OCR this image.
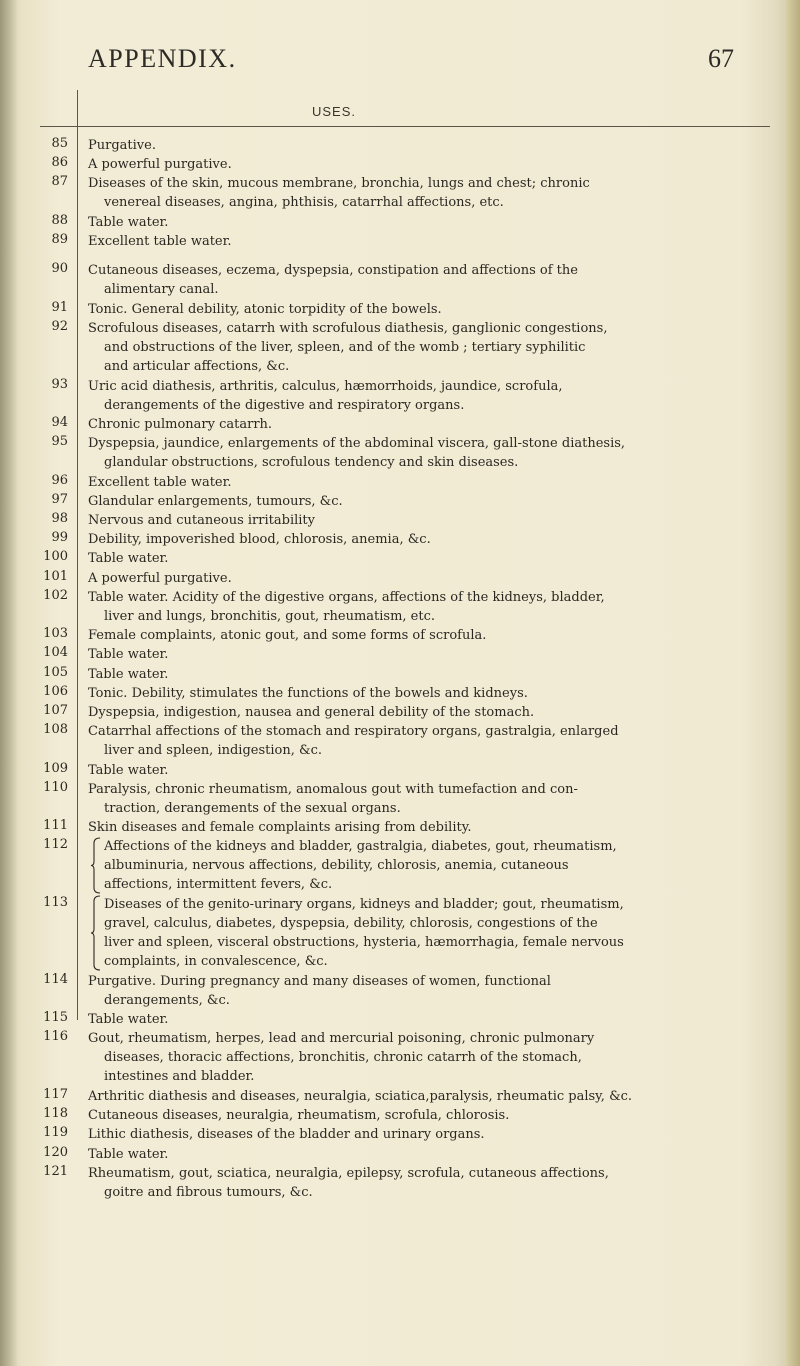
APPENDIX.	67
USES.
85 Purgative.
86 A powerful purgative.
87 Diseases of the skin, mucous membrane, bronchia, lungs and chest; chronic
venereal diseases, angina, phthisis, catarrhal affections, etc.
88 Table water.
89 Excellent table water.
90 Cutaneous diseases, eczema, dyspepsia, constipation and affections of the
alimentary canal.
91 Tonic. General debility, atonic torpidity of the bowels.
92 Scrofulous diseases, catarrh with scrofulous diathesis, ganglionic congestions,
and obstructions of the liver, spleen, and of the womb ; tertiary syphilitic
and articular affections, &c.
93 Uric acid diathesis, arthritis, calculus, hæmorrhoids, jaundice, scrofula,
derangements of the digestive and respiratory organs.
94 Chronic pulmonary catarrh.
95 Dyspepsia, jaundice, enlargements of the abdominal viscera, gall-stone diathesis,
glandular obstructions, scrofulous tendency and skin diseases.
96 Excellent table water.
97 Glandular enlargements, tumours, &c.
98 Nervous and cutaneous irritability
99 Debility, impoverished blood, chlorosis, anemia, &c.
100 Table water.
101 A powerful purgative.
102 Table water. Acidity of the digestive organs, affections of the kidneys, bladder,
liver and lungs, bronchitis, gout, rheumatism, etc.
103 Female complaints, atonic gout, and some forms of scrofula.
104 Table water.
105 Table water.
106 Tonic. Debility, stimulates the functions of the bowels and kidneys.
107 Dyspepsia, indigestion, nausea and general debility of the stomach.
108 Catarrhal affections of the stomach and respiratory organs, gastralgia, enlarged
liver and spleen, indigestion, &c.
109 Table water.
110 Paralysis, chronic rheumatism, anomalous gout with tumefaction and con-
traction, derangements of the sexual organs.
111 Skin diseases and female complaints arising from debility.
112	Affections of the kidneys and bladder, gastralgia, diabetes, gout, rheumatism,
albuminuria, nervous affections, debility, chlorosis, anemia, cutaneous
affections, intermittent fevers, &c.
113	Diseases of the genito-urinary organs, kidneys and bladder; gout, rheumatism,
gravel, calculus, diabetes, dyspepsia, debility, chlorosis, congestions of the
liver and spleen, visceral obstructions, hysteria, hæmorrhagia, female nervous
complaints, in convalescence, &c.
114 Purgative. During pregnancy and many diseases of women, functional
derangements, &c.
115 Table water.
116 Gout, rheumatism, herpes, lead and mercurial poisoning, chronic pulmonary
diseases, thoracic affections, bronchitis, chronic catarrh of the stomach,
intestines and bladder.
117 Arthritic diathesis and diseases, neuralgia, sciatica,paralysis, rheumatic palsy, &c.
118 Cutaneous diseases, neuralgia, rheumatism, scrofula, chlorosis.
119 Lithic diathesis, diseases of the bladder and urinary organs.
120 Table water.
121 Rheumatism, gout, sciatica, neuralgia, epilepsy, scrofula, cutaneous affections,
goitre and fibrous tumours, &c.
